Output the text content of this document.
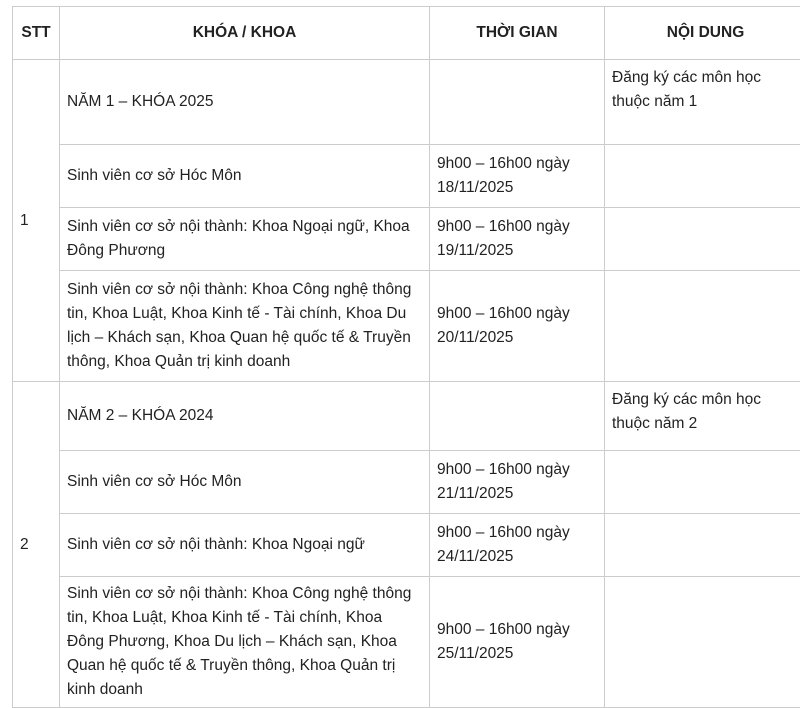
STT	KHÓA / KHOA	THỜI GIAN	NỘI DUNG
1	NĂM 1 – KHÓA 2025		Đăng ký các môn học thuộc năm 1
	Sinh viên cơ sở Hóc Môn	9h00 – 16h00 ngày 18/11/2025	
	Sinh viên cơ sở nội thành: Khoa Ngoại ngữ, Khoa Đông Phương	9h00 – 16h00 ngày 19/11/2025	
	Sinh viên cơ sở nội thành: Khoa Công nghệ thông tin, Khoa Luật, Khoa Kinh tế - Tài chính, Khoa Du lịch – Khách sạn, Khoa Quan hệ quốc tế & Truyền thông, Khoa Quản trị kinh doanh	9h00 – 16h00 ngày 20/11/2025	
2	NĂM 2 – KHÓA 2024		Đăng ký các môn học thuộc năm 2
	Sinh viên cơ sở Hóc Môn	9h00 – 16h00 ngày 21/11/2025	
	Sinh viên cơ sở nội thành: Khoa Ngoại ngữ	9h00 – 16h00 ngày 24/11/2025	
	Sinh viên cơ sở nội thành: Khoa Công nghệ thông tin, Khoa Luật, Khoa Kinh tế - Tài chính, Khoa Đông Phương, Khoa Du lịch – Khách sạn, Khoa Quan hệ quốc tế & Truyền thông, Khoa Quản trị kinh doanh	9h00 – 16h00 ngày 25/11/2025	
